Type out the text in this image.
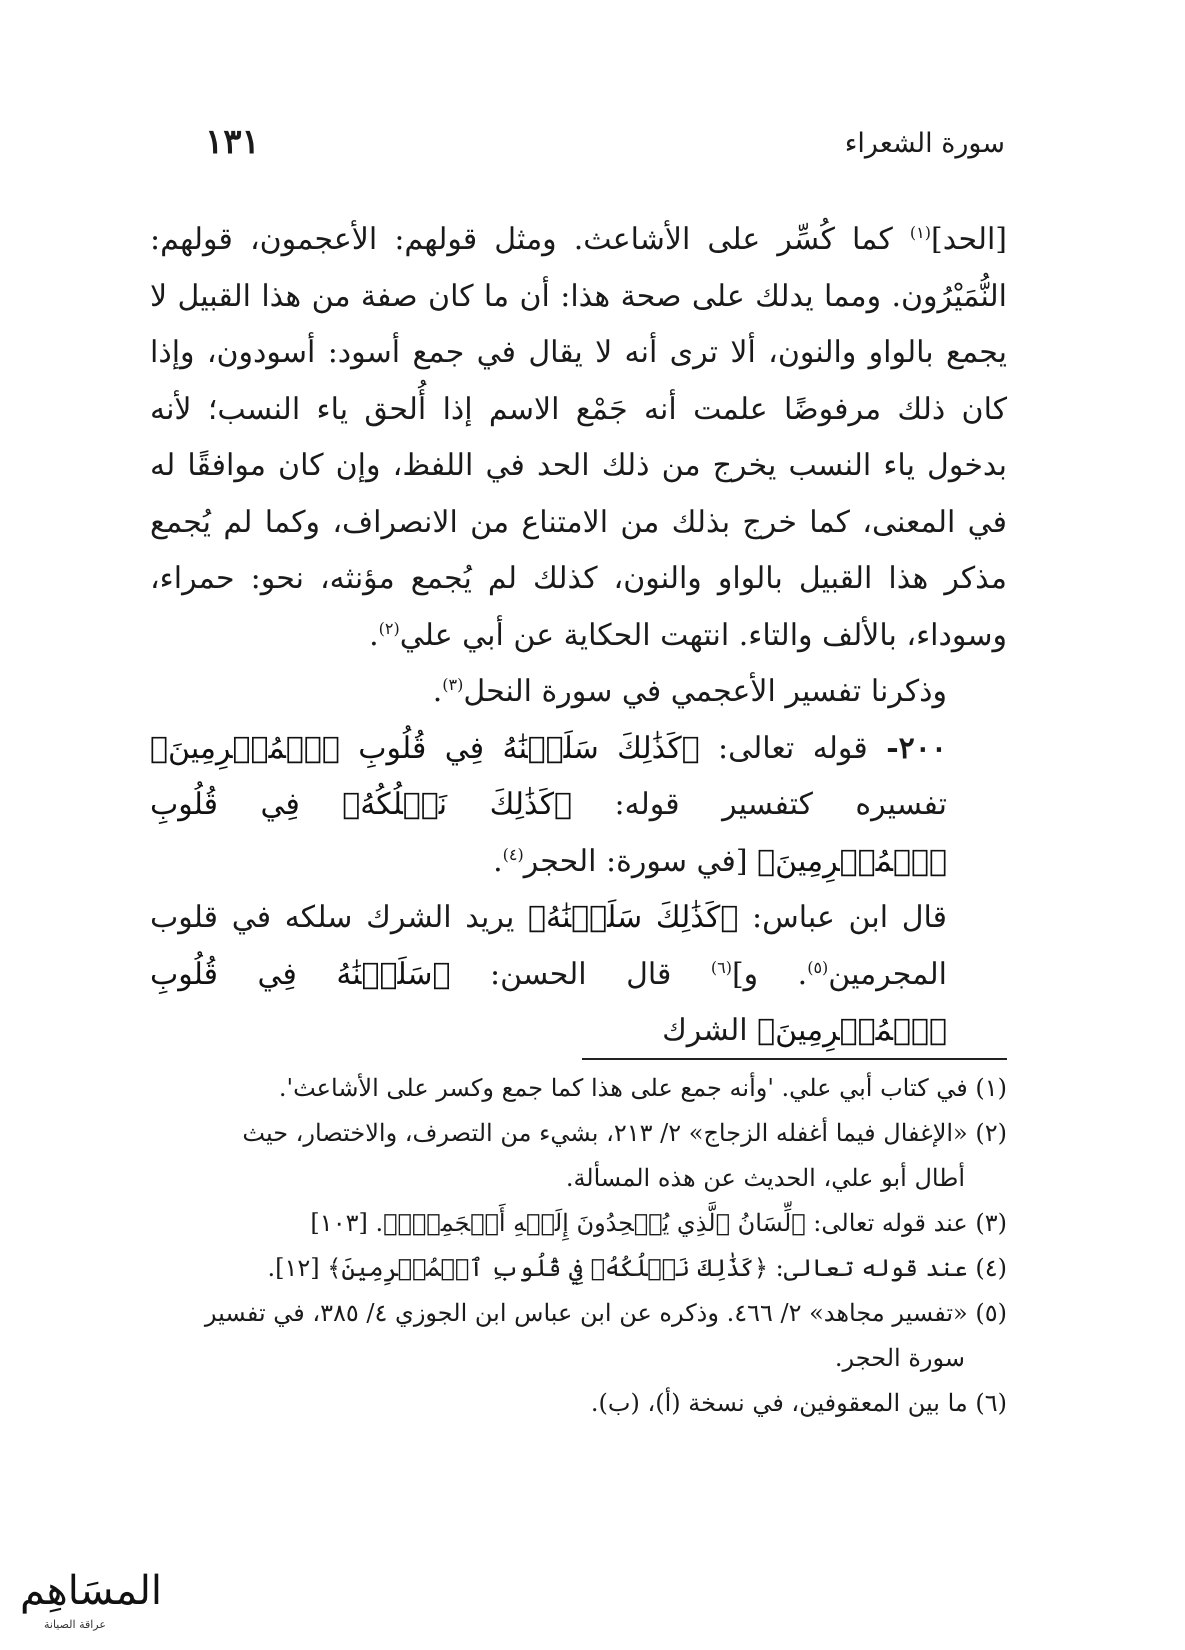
سورة الشعراء
١٣١

[الحد]$^{(١)}$ كما كُسِّر على الأشاعث. ومثل قولهم: الأعجمون، قولهم: النُّمَيْرُون. ومما يدلك على صحة هذا: أن ما كان صفة من هذا القبيل لا يجمع بالواو والنون، ألا ترى أنه لا يقال في جمع أسود: أسودون، وإذا كان ذلك مرفوضًا علمت أنه جَمْع الاسم إذا أُلحق ياء النسب؛ لأنه بدخول ياء النسب يخرج من ذلك الحد في اللفظ، وإن كان موافقًا له في المعنى، كما خرج بذلك من الامتناع من الانصراف، وكما لم يُجمع مذكر هذا القبيل بالواو والنون، كذلك لم يُجمع مؤنثه، نحو: حمراء، وسوداء، بالألف والتاء. انتهت الحكاية عن أبي علي$^{(٢)}$.

وذكرنا تفسير الأعجمي في سورة النحل$^{(٣)}$.

٢٠٠- قوله تعالى: ﴿كَذَٰلِكَ سَلَكۡنَٰهُ فِي قُلُوبِ ٱلۡمُجۡرِمِينَ﴾ تفسيره كتفسير قوله: ﴿كَذَٰلِكَ نَسۡلُكُهُۥ فِي قُلُوبِ ٱلۡمُجۡرِمِينَ﴾ [في سورة: الحجر$^{(٤)}$.

قال ابن عباس: ﴿كَذَٰلِكَ سَلَكۡنَٰهُ﴾ يريد الشرك سلكه في قلوب المجرمين$^{(٥)}$. و]$^{(٦)}$ قال الحسن: ﴿سَلَكۡنَٰهُ فِي قُلُوبِ ٱلۡمُجۡرِمِينَ﴾ الشرك

(١) في كتاب أبي علي. 'وأنه جمع على هذا كما جمع وكسر على الأشاعث'.

(٢) «الإغفال فيما أغفله الزجاج» ٢/ ٢١٣، بشيء من التصرف، والاختصار، حيث

أطال أبو علي، الحديث عن هذه المسألة.

(٣) عند قوله تعالى: ﴿لِّسَانُ ٱلَّذِي يُلۡحِدُونَ إِلَيۡهِ أَعۡجَمِيّٞ﴾. [١٠٣]

(٤) عند قوله تعالى: ﴿كَذَٰلِكَ نَسۡلُكُهُۥ فِي قُلُوبِ ٱلۡمُجۡرِمِينَ﴾ [١٢].

(٥) «تفسير مجاهد» ٢/ ٤٦٦. وذكره عن ابن عباس ابن الجوزي ٤/ ٣٨٥، في تفسير

سورة الحجر.

(٦) ما بين المعقوفين، في نسخة (أ)، (ب).

المسَاهِم
عراقة الصيانة
